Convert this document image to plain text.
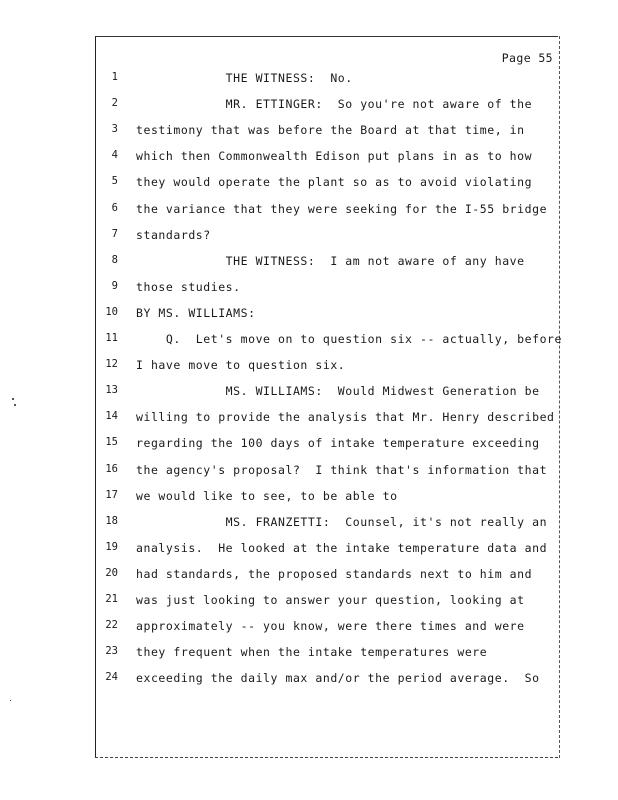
Page 55
1 THE WITNESS:  No.
2 MR. ETTINGER:  So you're not aware of the
3 testimony that was before the Board at that time, in
4 which then Commonwealth Edison put plans in as to how
5 they would operate the plant so as to avoid violating
6 the variance that they were seeking for the I-55 bridge
7 standards?
8 THE WITNESS:  I am not aware of any have
9 those studies.
10 BY MS. WILLIAMS:
11 Q.  Let's move on to question six -- actually, before
12 I have move to question six.
13 MS. WILLIAMS:  Would Midwest Generation be
14 willing to provide the analysis that Mr. Henry described
15 regarding the 100 days of intake temperature exceeding
16 the agency's proposal?  I think that's information that
17 we would like to see, to be able to
18 MS. FRANZETTI:  Counsel, it's not really an
19 analysis.  He looked at the intake temperature data and
20 had standards, the proposed standards next to him and
21 was just looking to answer your question, looking at
22 approximately -- you know, were there times and were
23 they frequent when the intake temperatures were
24 exceeding the daily max and/or the period average.  So
